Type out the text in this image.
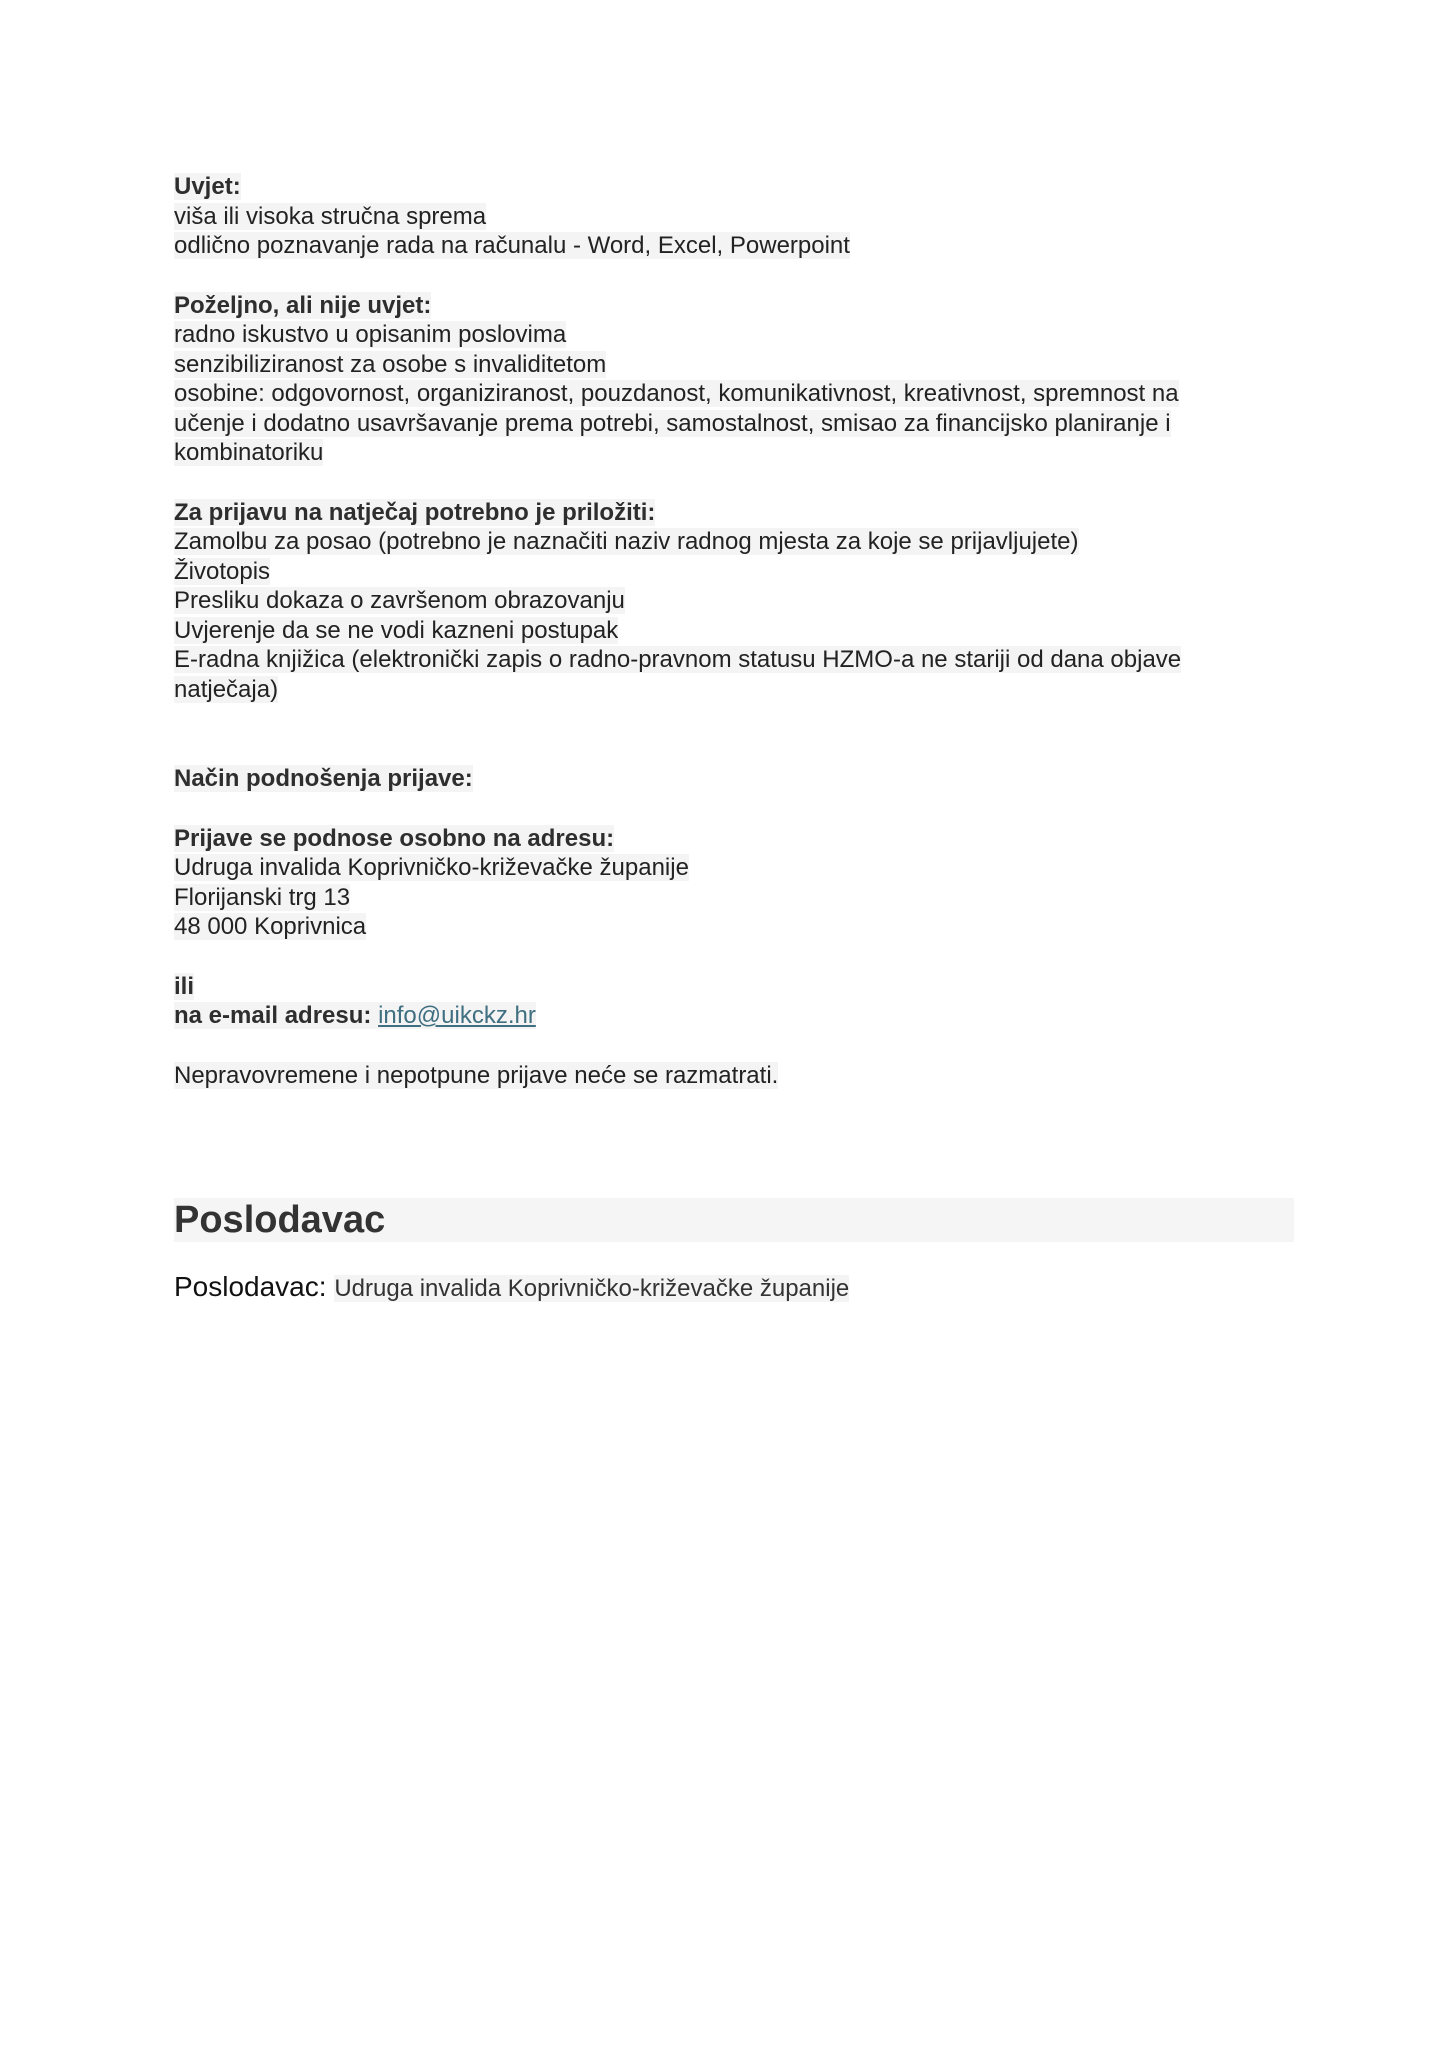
Uvjet:
viša ili visoka stručna sprema
odlično poznavanje rada na računalu - Word, Excel, Powerpoint
Poželjno, ali nije uvjet:
radno iskustvo u opisanim poslovima
senzibiliziranost za osobe s invaliditetom
osobine: odgovornost, organiziranost, pouzdanost, komunikativnost, kreativnost, spremnost na
učenje i dodatno usavršavanje prema potrebi, samostalnost, smisao za financijsko planiranje i
kombinatoriku
Za prijavu na natječaj potrebno je priložiti:
Zamolbu za posao (potrebno je naznačiti naziv radnog mjesta za koje se prijavljujete)
Životopis
Presliku dokaza o završenom obrazovanju
Uvjerenje da se ne vodi kazneni postupak
E-radna knjižica (elektronički zapis o radno-pravnom statusu HZMO-a ne stariji od dana objave
natječaja)
Način podnošenja prijave:
Prijave se podnose osobno na adresu:
Udruga invalida Koprivničko-križevačke županije
Florijanski trg 13
48 000 Koprivnica
ili
na e-mail adresu: info@uikckz.hr
Nepravovremene i nepotpune prijave neće se razmatrati.
Poslodavac
Poslodavac: Udruga invalida Koprivničko-križevačke županije
